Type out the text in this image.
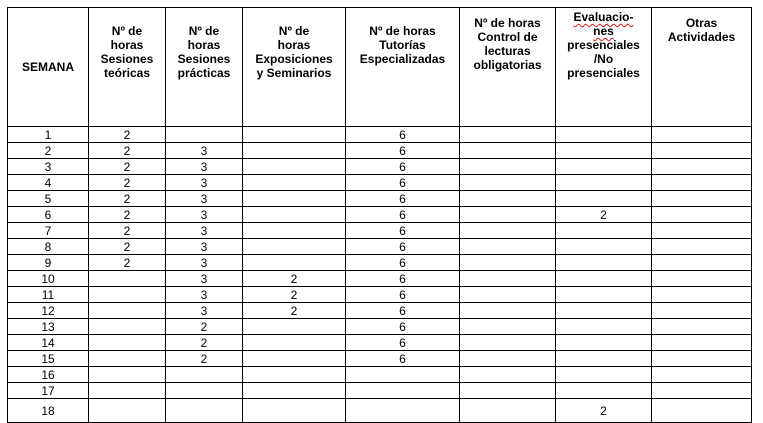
SEMANA	Nº de
horas
Sesiones
teóricas	Nº de
horas
Sesiones
prácticas	Nº de
horas
Exposiciones
y Seminarios	Nº de horas
Tutorías
Especializadas	Nº de horas
Control de
lecturas
obligatorias	Evaluacio-
nes
presenciales
/No
presenciales	Otras
Actividades

1	2			6			
2	2	3		6			
3	2	3		6			
4	2	3		6			
5	2	3		6			
6	2	3		6		2	
7	2	3		6			
8	2	3		6			
9	2	3		6			
10		3	2	6			
11		3	2	6			
12		3	2	6			
13		2		6			
14		2		6			
15		2		6			
16							
17							
18						2	
